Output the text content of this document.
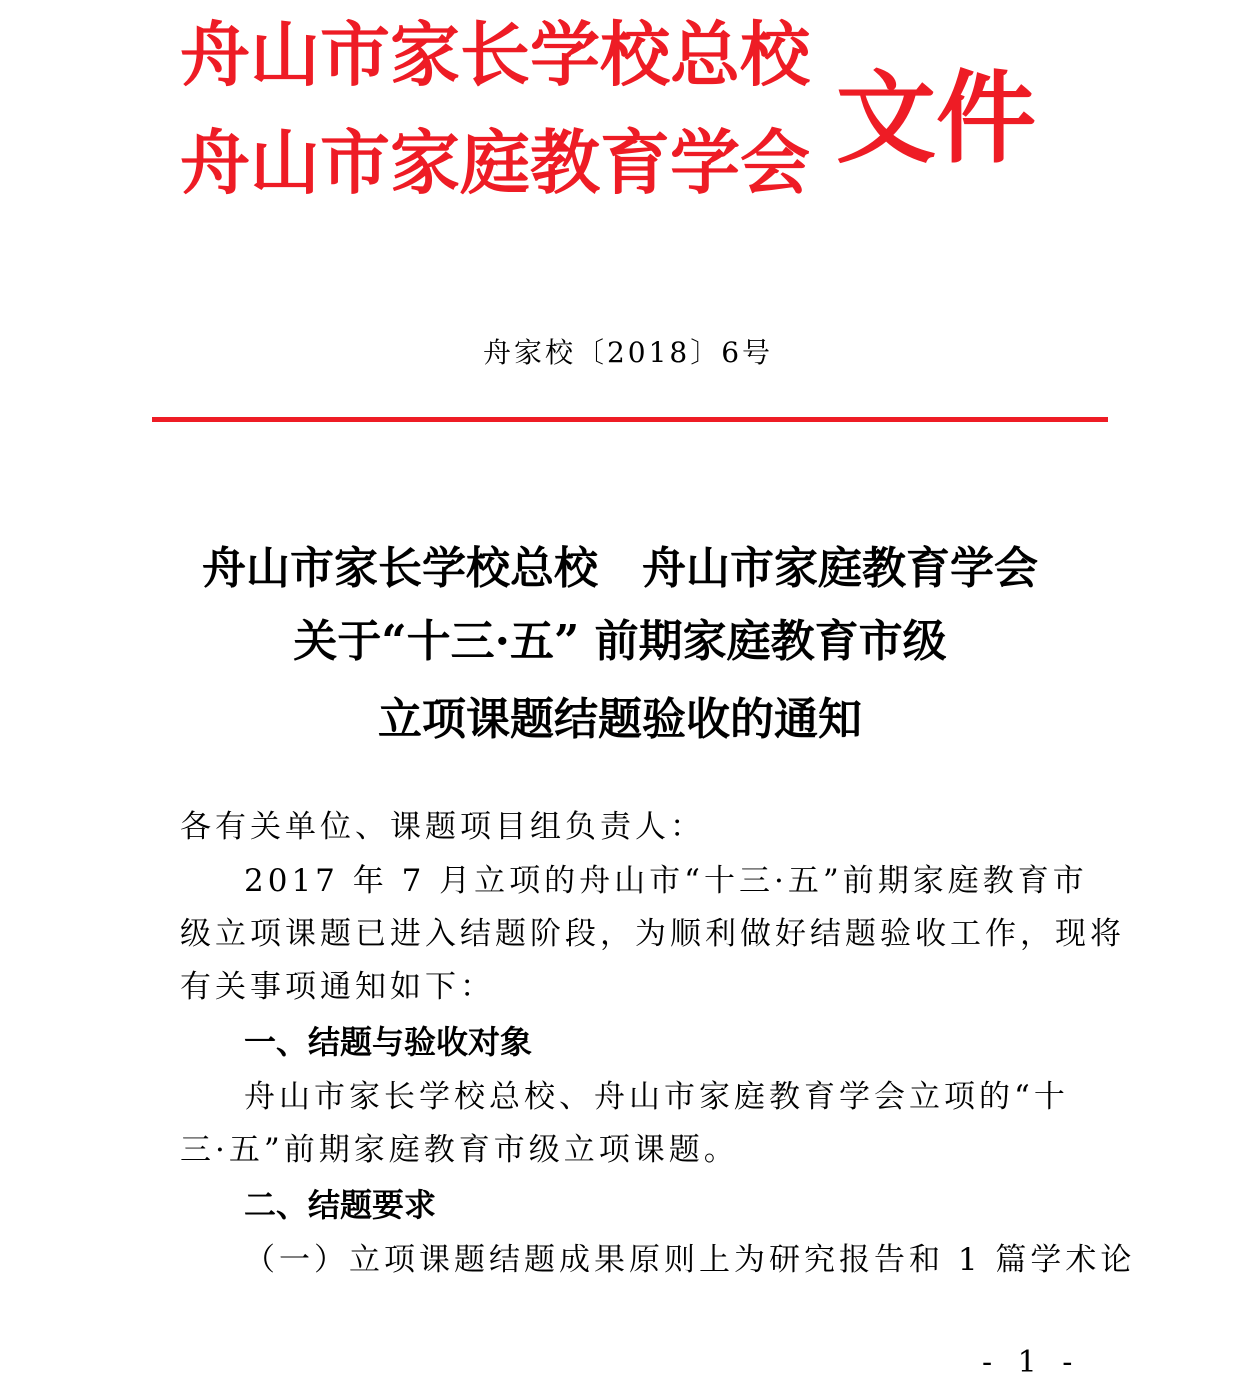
舟山市家长学校总校
舟山市家庭教育学会 文件
舟家校〔2018〕6号
舟山市家长学校总校　舟山市家庭教育学会
关于“十三·五” 前期家庭教育市级
立项课题结题验收的通知
各有关单位、课题项目组负责人：
2017 年 7 月立项的舟山市“十三·五”前期家庭教育市
级立项课题已进入结题阶段，为顺利做好结题验收工作，现将
有关事项通知如下：
一、结题与验收对象
舟山市家长学校总校、舟山市家庭教育学会立项的“十
三·五”前期家庭教育市级立项课题。
二、结题要求
（一）立项课题结题成果原则上为研究报告和 1 篇学术论
- 1 -
